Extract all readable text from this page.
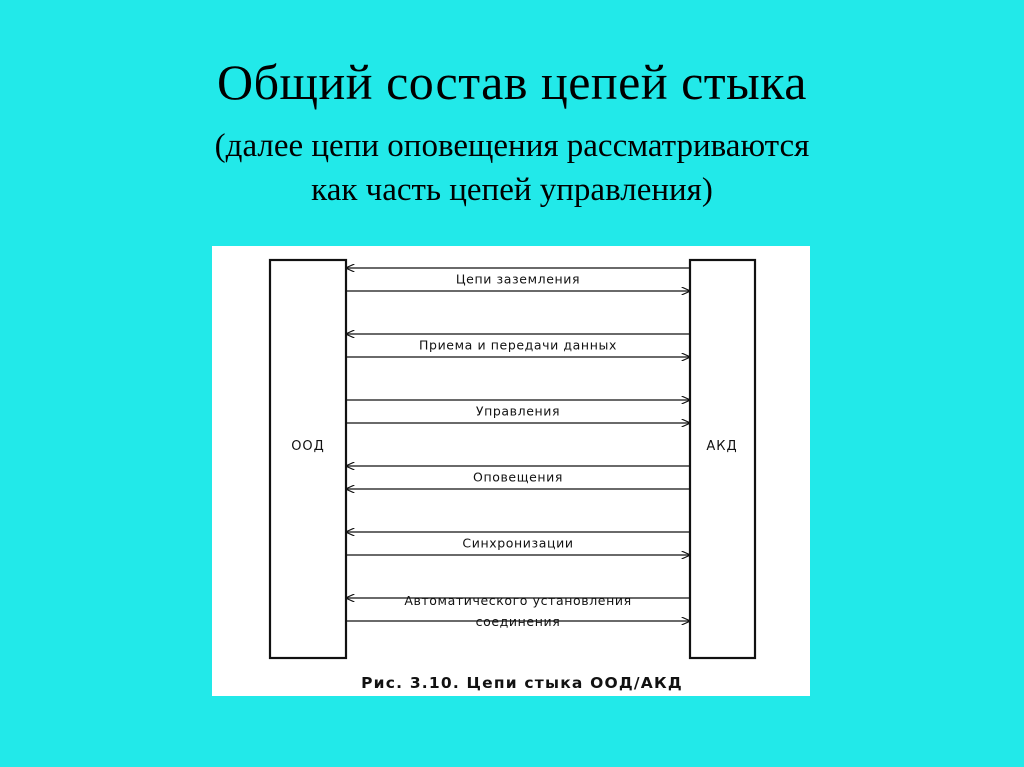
Общий состав цепей стыка
(далее цепи оповещения рассматриваются
как часть цепей управления)
ООД	АКД
Цепи заземления
Приема и передачи данных
Управления
Оповещения
Синхронизации
соединения
Автоматического установления
Рис. 3.10. Цепи стыка ООД/АКД
